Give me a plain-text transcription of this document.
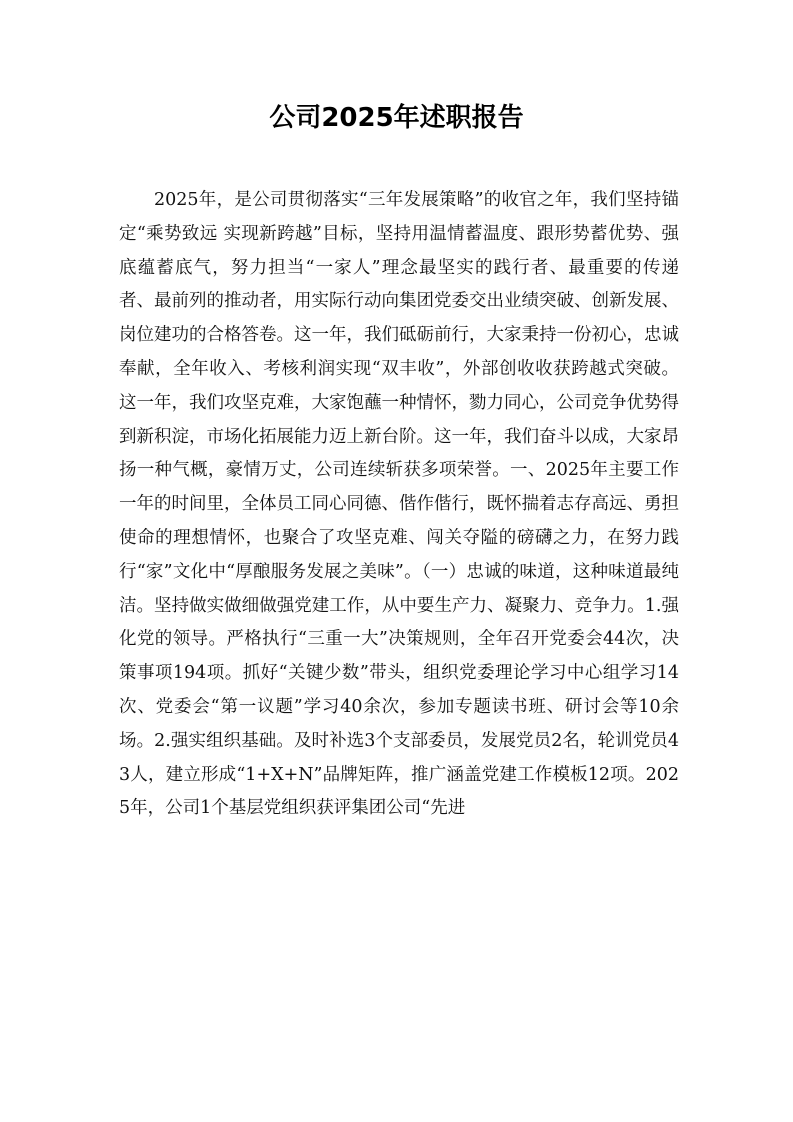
公司2025年述职报告

2025年，是公司贯彻落实“三年发展策略”的收官之年，我们坚持锚定“乘势致远 实现新跨越”目标，坚持用温情蓄温度、跟形势蓄优势、强底蕴蓄底气，努力担当“一家人”理念最坚实的践行者、最重要的传递者、最前列的推动者，用实际行动向集团党委交出业绩突破、创新发展、岗位建功的合格答卷。这一年，我们砥砺前行，大家秉持一份初心，忠诚奉献，全年收入、考核利润实现“双丰收”，外部创收收获跨越式突破。这一年，我们攻坚克难，大家饱蘸一种情怀，勠力同心，公司竞争优势得到新积淀，市场化拓展能力迈上新台阶。这一年，我们奋斗以成，大家昂扬一种气概，豪情万丈，公司连续斩获多项荣誉。一、2025年主要工作一年的时间里，全体员工同心同德、偕作偕行，既怀揣着志存高远、勇担使命的理想情怀，也聚合了攻坚克难、闯关夺隘的磅礴之力，在努力践行“家”文化中“厚酿服务发展之美味”。（一）忠诚的味道，这种味道最纯洁。坚持做实做细做强党建工作，从中要生产力、凝聚力、竞争力。1.强化党的领导。严格执行“三重一大”决策规则，全年召开党委会44次，决策事项194项。抓好“关键少数”带头，组织党委理论学习中心组学习14次、党委会“第一议题”学习40余次，参加专题读书班、研讨会等10余场。2.强实组织基础。及时补选3个支部委员，发展党员2名，轮训党员43人，建立形成“1+X+N”品牌矩阵，推广涵盖党建工作模板12项。2025年，公司1个基层党组织获评集团公司“先进
